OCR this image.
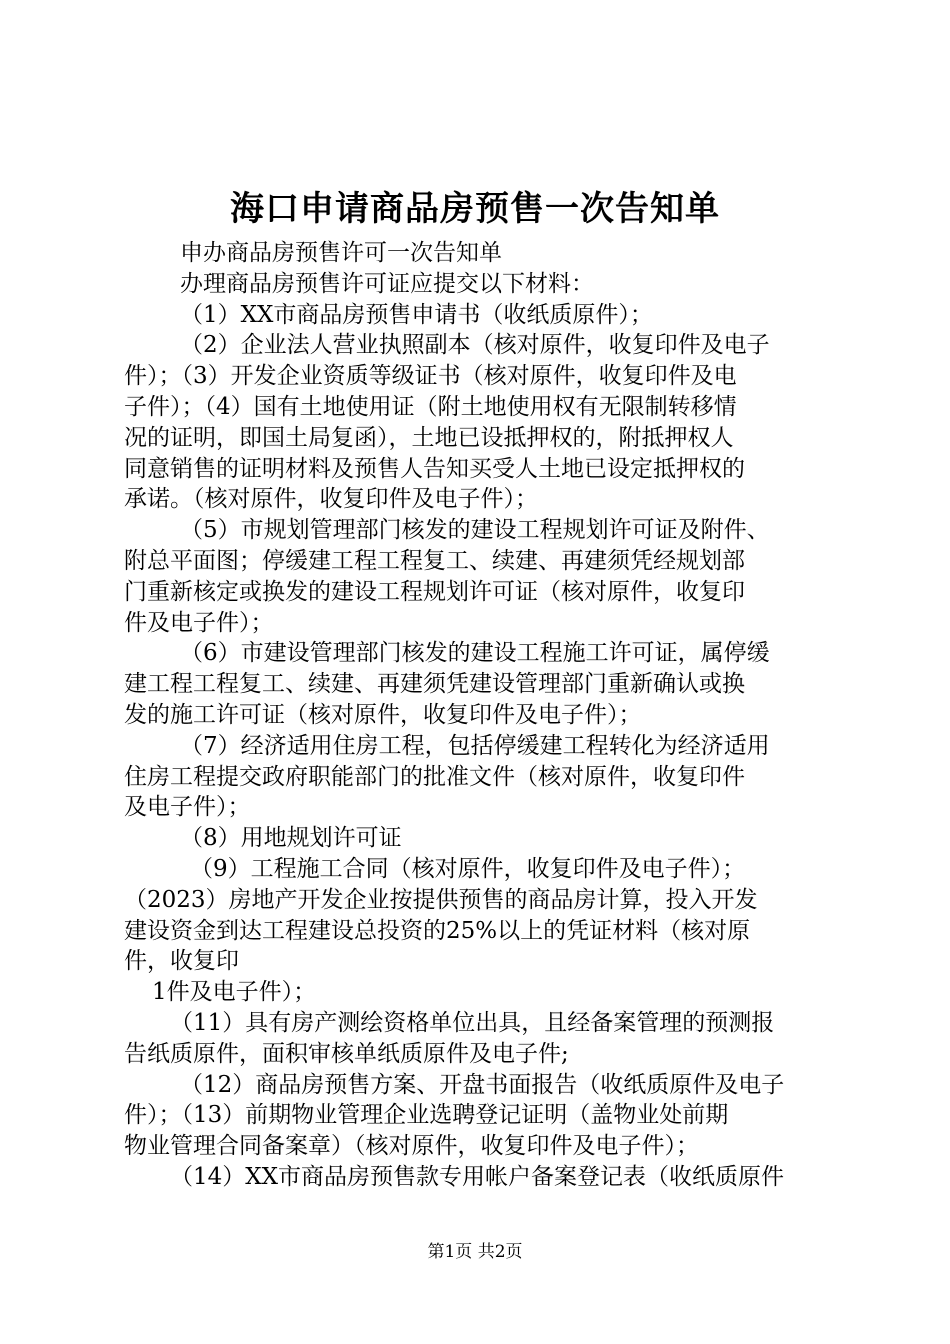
海口申请商品房预售一次告知单
申办商品房预售许可一次告知单
办理商品房预售许可证应提交以下材料：
（1）XX市商品房预售申请书（收纸质原件）；
（2）企业法人营业执照副本（核对原件，收复印件及电子
件）；（3）开发企业资质等级证书（核对原件，收复印件及电
子件）；（4）国有土地使用证（附土地使用权有无限制转移情
况的证明，即国土局复函），土地已设抵押权的，附抵押权人
同意销售的证明材料及预售人告知买受人土地已设定抵押权的
承诺。（核对原件，收复印件及电子件）；
（5）市规划管理部门核发的建设工程规划许可证及附件、
附总平面图；停缓建工程工程复工、续建、再建须凭经规划部
门重新核定或换发的建设工程规划许可证（核对原件，收复印
件及电子件）；
（6）市建设管理部门核发的建设工程施工许可证，属停缓
建工程工程复工、续建、再建须凭建设管理部门重新确认或换
发的施工许可证（核对原件，收复印件及电子件）；
（7）经济适用住房工程，包括停缓建工程转化为经济适用
住房工程提交政府职能部门的批准文件（核对原件，收复印件
及电子件）；
（8）用地规划许可证
（9）工程施工合同（核对原件，收复印件及电子件）；
（2023）房地产开发企业按提供预售的商品房计算，投入开发
建设资金到达工程建设总投资的25%以上的凭证材料（核对原
件，收复印
1件及电子件）；
（11）具有房产测绘资格单位出具，且经备案管理的预测报
告纸质原件，面积审核单纸质原件及电子件;
（12）商品房预售方案、开盘书面报告（收纸质原件及电子
件）；（13）前期物业管理企业选聘登记证明（盖物业处前期
物业管理合同备案章）（核对原件，收复印件及电子件）；
（14）XX市商品房预售款专用帐户备案登记表（收纸质原件
第1页 共2页
